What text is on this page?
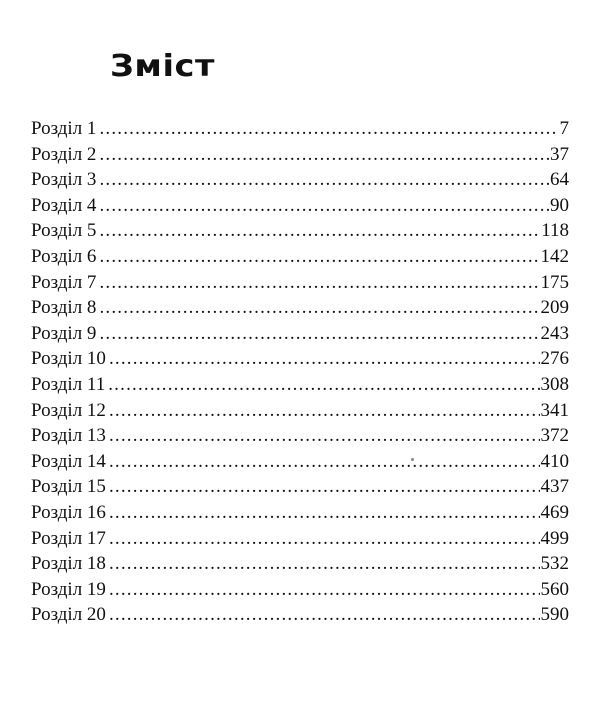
Зміст
Розділ 1 .....	7
Розділ 2 .....	37
Розділ 3 .....	64
Розділ 4 .....	90
Розділ 5 .....	118
Розділ 6 .....	142
Розділ 7 .....	175
Розділ 8 .....	209
Розділ 9 .....	243
Розділ 10 .....	276
Розділ 11 .....	308
Розділ 12 .....	341
Розділ 13 .....	372
Розділ 14 .....	410
Розділ 15 .....	437
Розділ 16 .....	469
Розділ 17 .....	499
Розділ 18 .....	532
Розділ 19 .....	560
Розділ 20 .....	590
